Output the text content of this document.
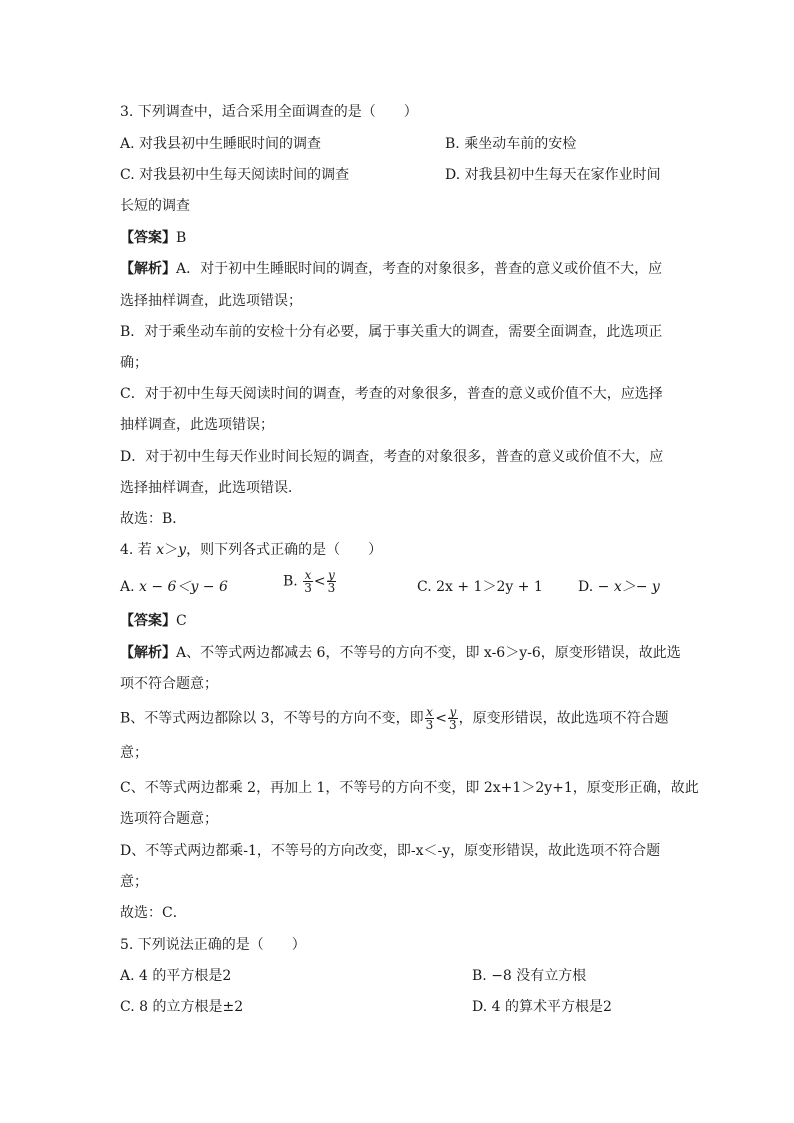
3. 下列调查中，适合采用全面调查的是（　　）
A. 对我县初中生睡眠时间的调查	B. 乘坐动车前的安检
C. 对我县初中生每天阅读时间的调查	D. 对我县初中生每天在家作业时间
长短的调查
【答案】B
【解析】A．对于初中生睡眠时间的调查，考查的对象很多，普查的意义或价值不大，应
选择抽样调查，此选项错误；
B．对于乘坐动车前的安检十分有必要，属于事关重大的调查，需要全面调查，此选项正
确；
C．对于初中生每天阅读时间的调查，考查的对象很多，普查的意义或价值不大，应选择
抽样调查，此选项错误；
D．对于初中生每天作业时间长短的调查，考查的对象很多，普查的意义或价值不大，应
选择抽样调查，此选项错误．
故选：B．
4. 若 x＞y，则下列各式正确的是（　　）
A. x − 6＜y − 6	B. $\frac{x}{3} < \frac{y}{3}$	C. 2x + 1＞2y + 1	D. − x＞− y
【答案】C
【解析】A、不等式两边都减去 6，不等号的方向不变，即 x-6＞y-6，原变形错误，故此选
项不符合题意；
B、不等式两边都除以 3，不等号的方向不变，即 $\frac{x}{3} < \frac{y}{3}$ ，原变形错误，故此选项不符合题
意；
C、不等式两边都乘 2，再加上 1，不等号的方向不变，即 2x+1＞2y+1，原变形正确，故此
选项符合题意；
D、不等式两边都乘-1，不等号的方向改变，即-x＜-y，原变形错误，故此选项不符合题
意；
故选：C．
5. 下列说法正确的是（　　）
A. 4 的平方根是2	B. −8 没有立方根
C. 8 的立方根是±2	D. 4 的算术平方根是2
